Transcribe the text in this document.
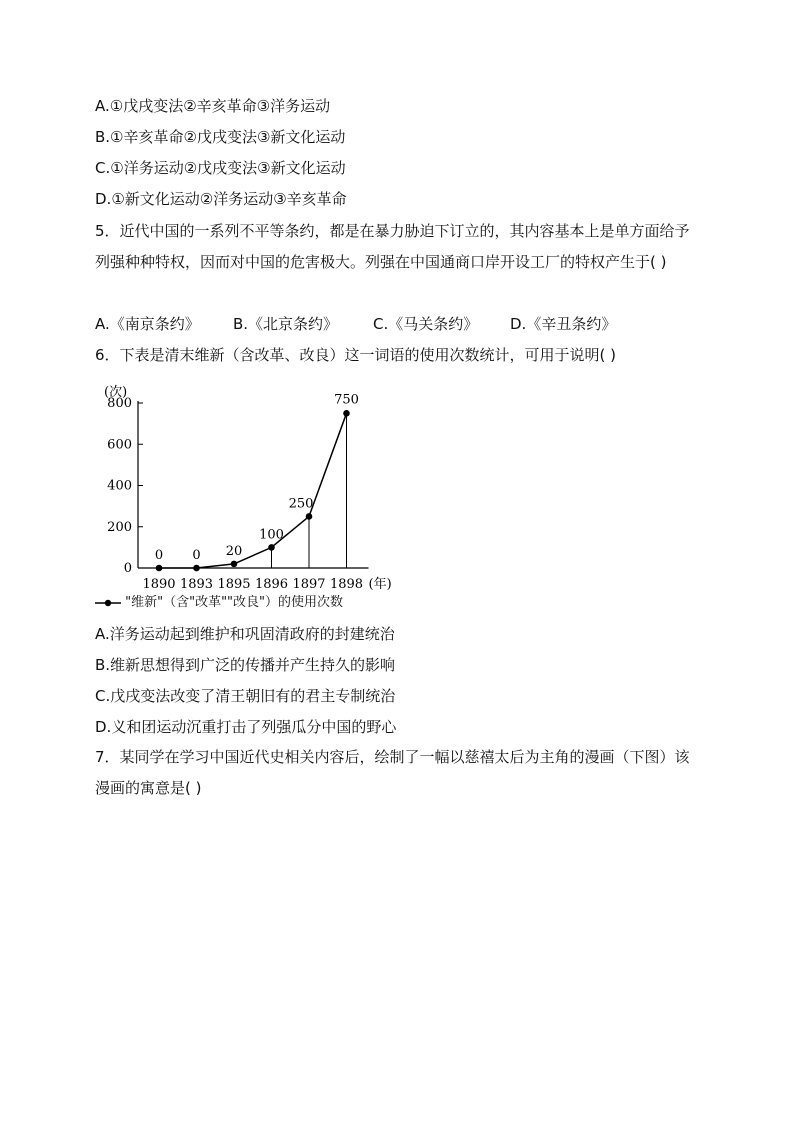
A.①戊戌变法②辛亥革命③洋务运动
B.①辛亥革命②戊戌变法③新文化运动
C.①洋务运动②戊戌变法③新文化运动
D.①新文化运动②洋务运动③辛亥革命
5．近代中国的一系列不平等条约，都是在暴力胁迫下订立的，其内容基本上是单方面给予列强种种特权，因而对中国的危害极大。列强在中国通商口岸开设工厂的特权产生于( )
A.《南京条约》 B.《北京条约》 C.《马关条约》 D.《辛丑条约》
6．下表是清末维新（含改革、改良）这一词语的使用次数统计，可用于说明( )
0
200
400
600
800
(次)
1890 1893 1895 1896 1897 1898 (年)
0 0 20
100
250
750
"维新"（含"改革""改良"）的使用次数
A.洋务运动起到维护和巩固清政府的封建统治
B.维新思想得到广泛的传播并产生持久的影响
C.戊戌变法改变了清王朝旧有的君主专制统治
D.义和团运动沉重打击了列强瓜分中国的野心
7．某同学在学习中国近代史相关内容后，绘制了一幅以慈禧太后为主角的漫画（下图）该漫画的寓意是( )
